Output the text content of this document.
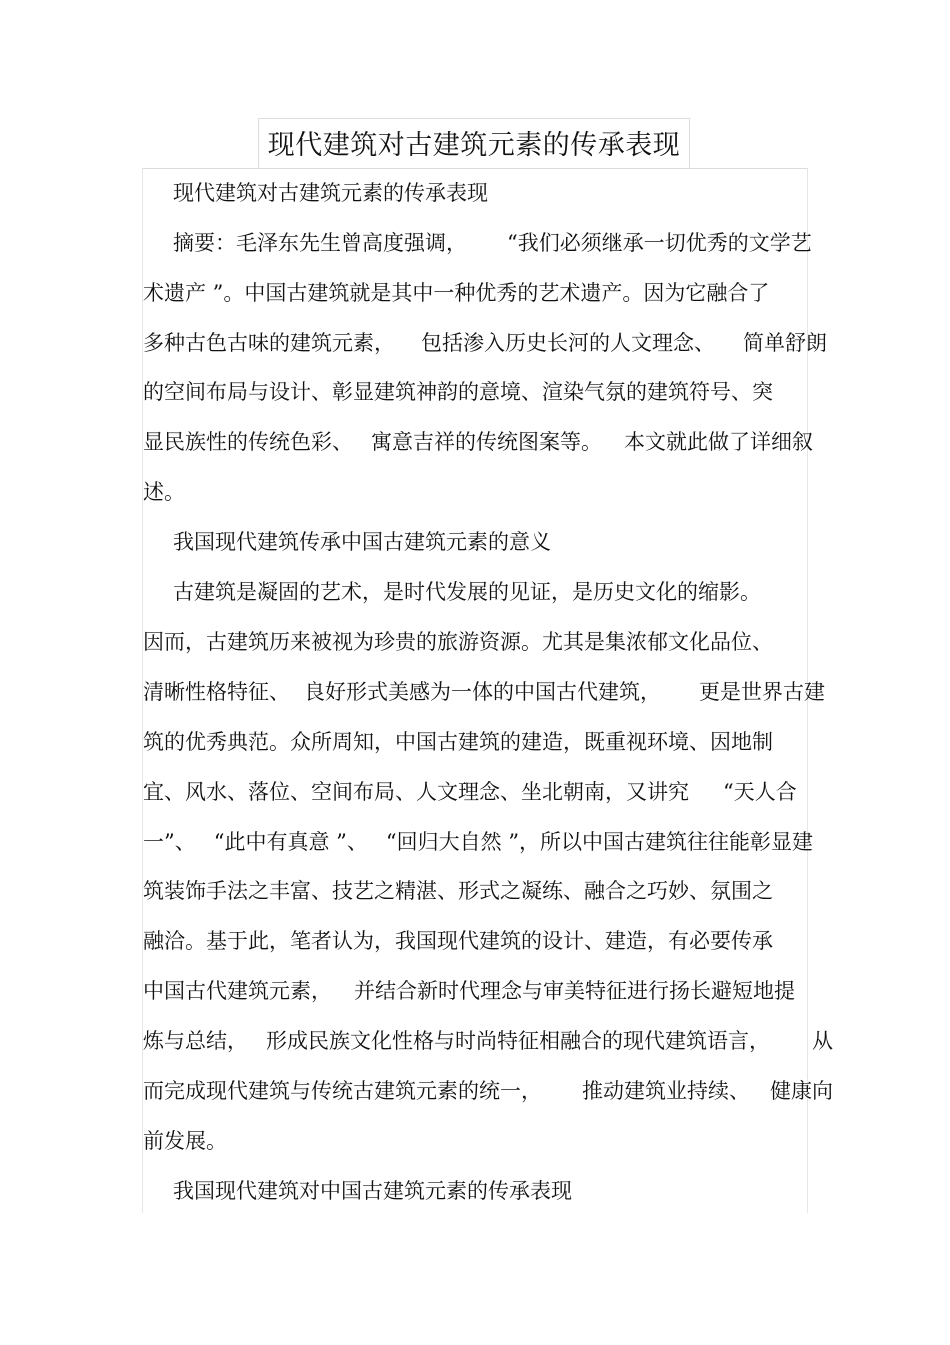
现代建筑对古建筑元素的传承表现
现代建筑对古建筑元素的传承表现
摘要：毛泽东先生曾高度强调， “我们必须继承一切优秀的文学艺
术遗产 ”。中国古建筑就是其中一种优秀的艺术遗产。因为它融合了
多种古色古味的建筑元素， 包括渗入历史长河的人文理念、 简单舒朗
的空间布局与设计、彰显建筑神韵的意境、渲染气氛的建筑符号、突
显民族性的传统色彩、 寓意吉祥的传统图案等。 本文就此做了详细叙
述。
我国现代建筑传承中国古建筑元素的意义
古建筑是凝固的艺术，是时代发展的见证，是历史文化的缩影。
因而，古建筑历来被视为珍贵的旅游资源。尤其是集浓郁文化品位、
清晰性格特征、 良好形式美感为一体的中国古代建筑， 更是世界古建
筑的优秀典范。众所周知，中国古建筑的建造，既重视环境、因地制
宜、风水、落位、空间布局、人文理念、坐北朝南，又讲究 “天人合
一”、 “此中有真意 ”、 “回归大自然 ”，所以中国古建筑往往能彰显建
筑装饰手法之丰富、技艺之精湛、形式之凝练、融合之巧妙、氛围之
融洽。基于此，笔者认为，我国现代建筑的设计、建造，有必要传承
中国古代建筑元素， 并结合新时代理念与审美特征进行扬长避短地提
炼与总结， 形成民族文化性格与时尚特征相融合的现代建筑语言， 从
而完成现代建筑与传统古建筑元素的统一， 推动建筑业持续、 健康向
前发展。
我国现代建筑对中国古建筑元素的传承表现
